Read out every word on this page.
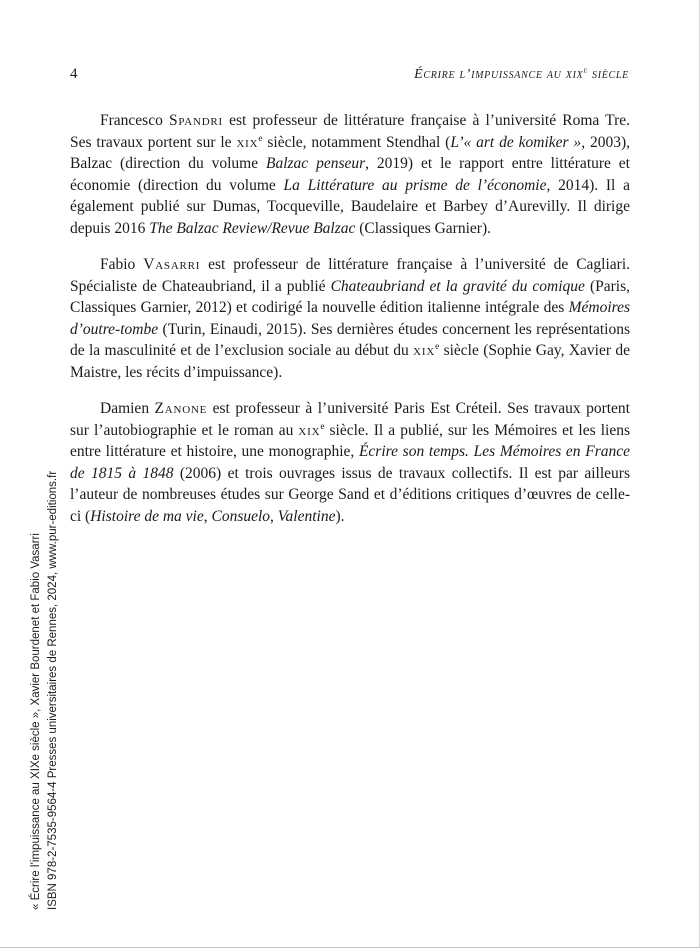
4	Écrire l’impuissance au xix$^e$ siècle

Francesco Spandri est professeur de littérature française à l’université Roma Tre. Ses travaux portent sur le xix$^e$ siècle, notamment Stendhal (L’« art de komiker », 2003), Balzac (direction du volume Balzac penseur, 2019) et le rapport entre littérature et économie (direction du volume La Littérature au prisme de l’économie, 2014). Il a également publié sur Dumas, Tocqueville, Baudelaire et Barbey d’Aurevilly. Il dirige depuis 2016 The Balzac Review/Revue Balzac (Classiques Garnier).

Fabio Vasarri est professeur de littérature française à l’université de Cagliari. Spécialiste de Chateaubriand, il a publié Chateaubriand et la gravité du comique (Paris, Classiques Garnier, 2012) et codirigé la nouvelle édition italienne intégrale des Mémoires d’outre-tombe (Turin, Einaudi, 2015). Ses dernières études concernent les représentations de la masculinité et de l’exclusion sociale au début du xix$^e$ siècle (Sophie Gay, Xavier de Maistre, les récits d’impuissance).

Damien Zanone est professeur à l’université Paris Est Créteil. Ses travaux portent sur l’autobiographie et le roman au xix$^e$ siècle. Il a publié, sur les Mémoires et les liens entre littérature et histoire, une monographie, Écrire son temps. Les Mémoires en France de 1815 à 1848 (2006) et trois ouvrages issus de travaux collectifs. Il est par ailleurs l’auteur de nombreuses études sur George Sand et d’éditions critiques d’œuvres de celle-ci (Histoire de ma vie, Consuelo, Valentine).

« Écrire l’impuissance au XIXe siècle », Xavier Bourdenet et Fabio Vasarri ISBN 978-2-7535-9564-4 Presses universitaires de Rennes, 2024, www.pur-editions.fr
